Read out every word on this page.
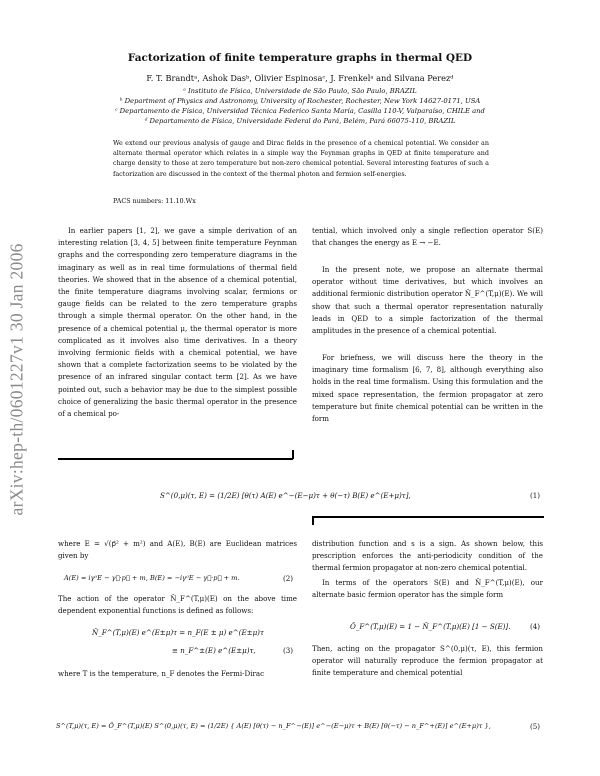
arXiv:hep-th/0601227v1 30 Jan 2006
Factorization of finite temperature graphs in thermal QED
F. T. Brandtᵃ, Ashok Dasᵇ, Olivier Espinosaᶜ, J. Frenkelᵃ and Silvana Perezᵈ
ᵃ Instituto de Física, Universidade de São Paulo, São Paulo, BRAZIL
ᵇ Department of Physics and Astronomy, University of Rochester, Rochester, New York 14627-0171, USA
ᶜ Departamento de Física, Universidad Técnica Federico Santa María, Casilla 110-V, Valparaíso, CHILE and
ᵈ Departamento de Física, Universidade Federal do Pará, Belém, Pará 66075-110, BRAZIL
We extend our previous analysis of gauge and Dirac fields in the presence of a chemical potential. We consider an alternate thermal operator which relates in a simple way the Feynman graphs in QED at finite temperature and charge density to those at zero temperature but non-zero chemical potential. Several interesting features of such a factorization are discussed in the context of the thermal photon and fermion self-energies.
PACS numbers: 11.10.Wx
In earlier papers [1, 2], we gave a simple derivation of an interesting relation [3, 4, 5] between finite temperature Feynman graphs and the corresponding zero temperature diagrams in the imaginary as well as in real time formulations of thermal field theories. We showed that in the absence of a chemical potential, the finite temperature diagrams involving scalar, fermions or gauge fields can be related to the zero temperature graphs through a simple thermal operator. On the other hand, in the presence of a chemical potential μ, the thermal operator is more complicated as it involves also time derivatives. In a theory involving fermionic fields with a chemical potential, we have shown that a complete factorization seems to be violated by the presence of an infrared singular contact term [2]. As we have pointed out, such a behavior may be due to the simplest possible choice of generalizing the basic thermal operator in the presence of a chemical po-
tential, which involved only a single reflection operator S(E) that changes the energy as E → −E.
In the present note, we propose an alternate thermal operator without time derivatives, but which involves an additional fermionic distribution operator N̂_F^(T,μ)(E). We will show that such a thermal operator representation naturally leads in QED to a simple factorization of the thermal amplitudes in the presence of a chemical potential.
For briefness, we will discuss here the theory in the imaginary time formalism [6, 7, 8], although everything also holds in the real time formalism. Using this formulation and the mixed space representation, the fermion propagator at zero temperature but finite chemical potential can be written in the form
S^(0,μ)(τ, E) = (1/2E) [θ(τ) A(E) e^−(E−μ)τ + θ(−τ) B(E) e^(E+μ)τ],	(1)
where E = √(p⃗² + m²) and A(E), B(E) are Euclidean matrices given by
A(E) = iγ⁰E − γ⃗·p⃗ + m, B(E) = −iγ⁰E − γ⃗·p⃗ + m.	(2)
The action of the operator N̂_F^(T,μ)(E) on the above time dependent exponential functions is defined as follows:
N̂_F^(T,μ)(E) e^(E±μ)τ = n_F(E ± μ) e^(E±μ)τ
≡ n_F^±(E) e^(E±μ)τ,	(3)
where T is the temperature, n_F denotes the Fermi-Dirac
distribution function and s is a sign. As shown below, this prescription enforces the anti-periodicity condition of the thermal fermion propagator at non-zero chemical potential.
In terms of the operators S(E) and N̂_F^(T,μ)(E), our alternate basic fermion operator has the simple form
Ô_F^(T,μ)(E) = 1 − N̂_F^(T,μ)(E) [1 − S(E)].	(4)
Then, acting on the propagator S^(0,μ)(τ, E), this fermion operator will naturally reproduce the fermion propagator at finite temperature and chemical potential
S^(T,μ)(τ, E) = Ô_F^(T,μ)(E) S^(0,μ)(τ, E) = (1/2E) { A(E) [θ(τ) − n_F^−(E)] e^−(E−μ)τ + B(E) [θ(−τ) − n_F^+(E)] e^(E+μ)τ },	(5)
